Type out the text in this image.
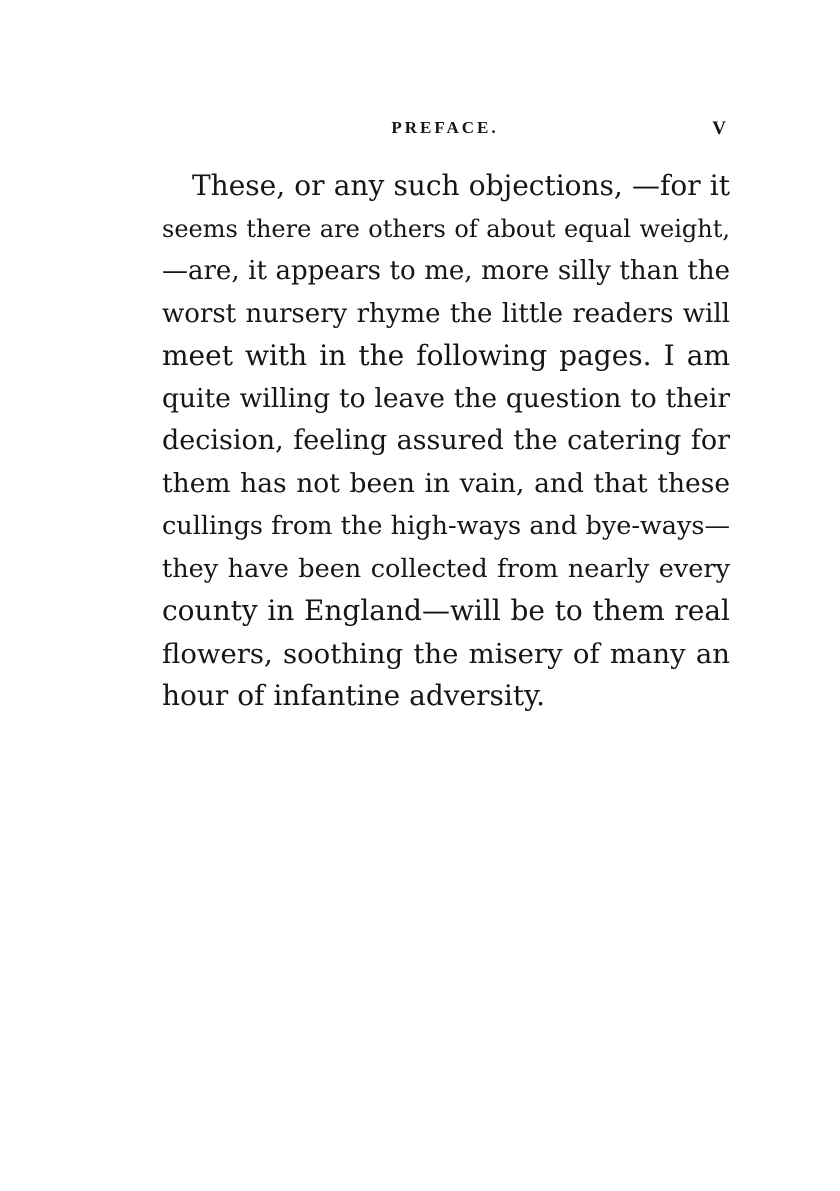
PREFACE.	V
These, or any such objections, —for it
seems there are others of about equal weight,
—are, it appears to me, more silly than the
worst nursery rhyme the little readers will
meet with in the following pages. I am
quite willing to leave the question to their
decision, feeling assured the catering for
them has not been in vain, and that these
cullings from the high-ways and bye-ways—
they have been collected from nearly every
county in England—will be to them real
flowers, soothing the misery of many an
hour of infantine adversity.
